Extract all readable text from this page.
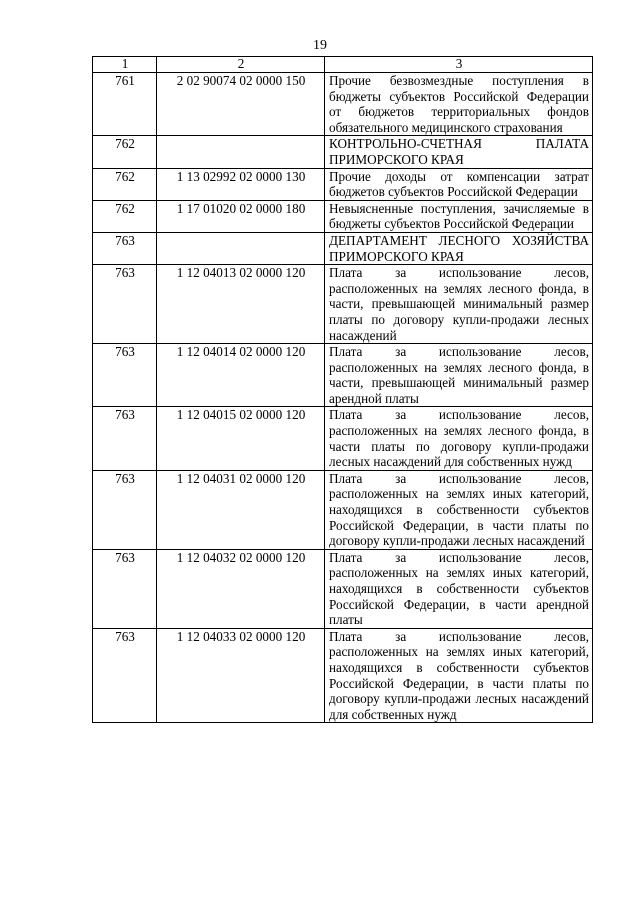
19
1	2	3
761	2 02 90074 02 0000 150	Прочие безвозмездные поступления в бюджеты субъектов Российской Федерации от бюджетов территориальных фондов обязательного медицинского страхования
762		КОНТРОЛЬНО-СЧЕТНАЯ ПАЛАТА ПРИМОРСКОГО КРАЯ
762	1 13 02992 02 0000 130	Прочие доходы от компенсации затрат бюджетов субъектов Российской Федерации
762	1 17 01020 02 0000 180	Невыясненные поступления, зачисляемые в бюджеты субъектов Российской Федерации
763		ДЕПАРТАМЕНТ ЛЕСНОГО ХОЗЯЙСТВА ПРИМОРСКОГО КРАЯ
763	1 12 04013 02 0000 120	Плата за использование лесов, расположенных на землях лесного фонда, в части, превышающей минимальный размер платы по договору купли-продажи лесных насаждений
763	1 12 04014 02 0000 120	Плата за использование лесов, расположенных на землях лесного фонда, в части, превышающей минимальный размер арендной платы
763	1 12 04015 02 0000 120	Плата за использование лесов, расположенных на землях лесного фонда, в части платы по договору купли-продажи лесных насаждений для собственных нужд
763	1 12 04031 02 0000 120	Плата за использование лесов, расположенных на землях иных категорий, находящихся в собственности субъектов Российской Федерации, в части платы по договору купли-продажи лесных насаждений
763	1 12 04032 02 0000 120	Плата за использование лесов, расположенных на землях иных категорий, находящихся в собственности субъектов Российской Федерации, в части арендной платы
763	1 12 04033 02 0000 120	Плата за использование лесов, расположенных на землях иных категорий, находящихся в собственности субъектов Российской Федерации, в части платы по договору купли-продажи лесных насаждений для собственных нужд
